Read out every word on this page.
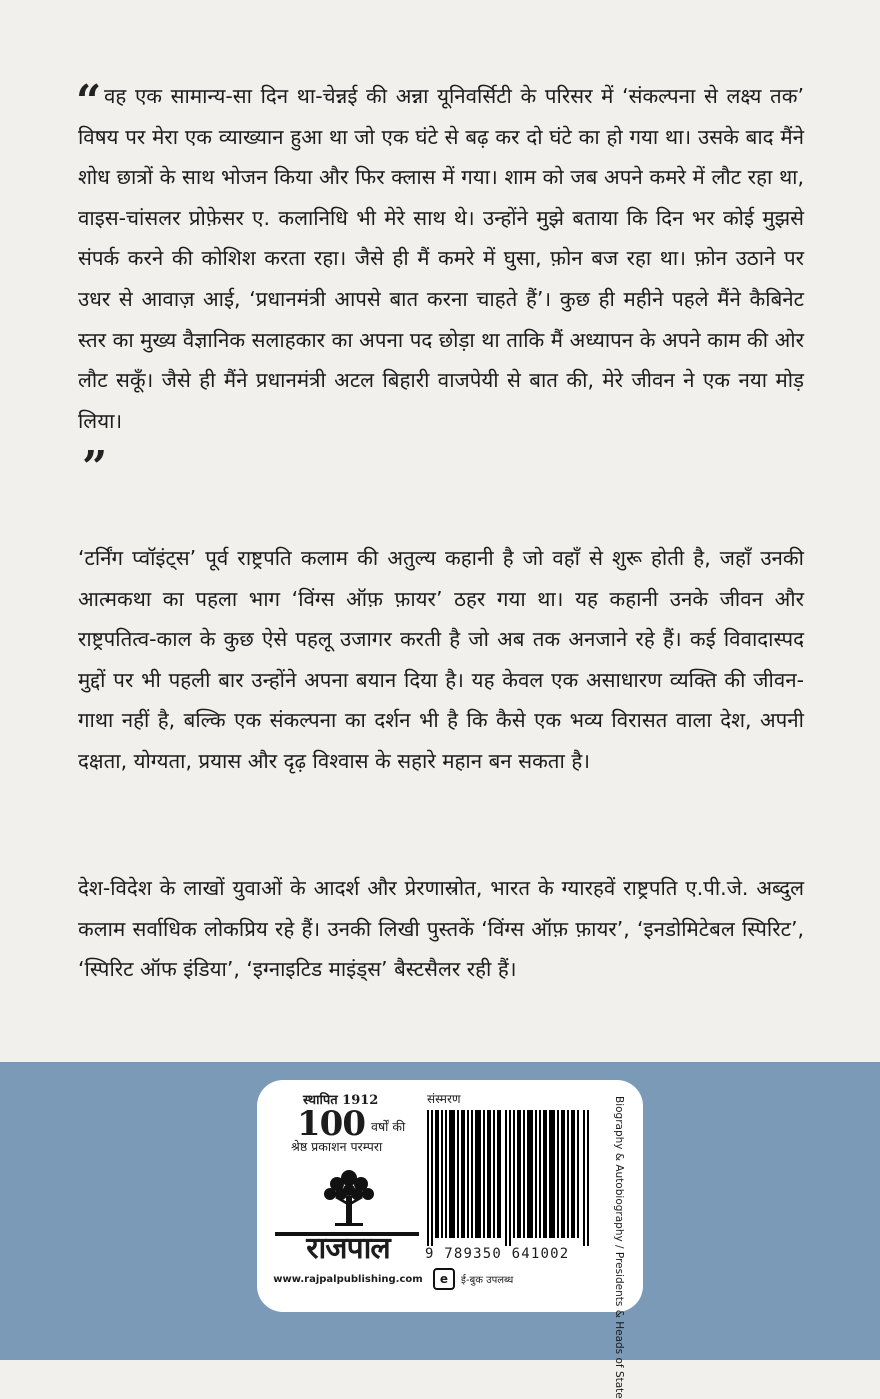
“ वह एक सामान्य-सा दिन था-चेन्नई की अन्ना यूनिवर्सिटी के परिसर में ‘संकल्पना से लक्ष्य तक’ विषय पर मेरा एक व्याख्यान हुआ था जो एक घंटे से बढ़ कर दो घंटे का हो गया था। उसके बाद मैंने शोध छात्रों के साथ भोजन किया और फिर क्लास में गया। शाम को जब अपने कमरे में लौट रहा था, वाइस-चांसलर प्रोफ़ेसर ए. कलानिधि भी मेरे साथ थे। उन्होंने मुझे बताया कि दिन भर कोई मुझसे संपर्क करने की कोशिश करता रहा। जैसे ही मैं कमरे में घुसा, फ़ोन बज रहा था। फ़ोन उठाने पर उधर से आवाज़ आई, ‘प्रधानमंत्री आपसे बात करना चाहते हैं’। कुछ ही महीने पहले मैंने कैबिनेट स्तर का मुख्य वैज्ञानिक सलाहकार का अपना पद छोड़ा था ताकि मैं अध्यापन के अपने काम की ओर लौट सकूँ। जैसे ही मैंने प्रधानमंत्री अटल बिहारी वाजपेयी से बात की, मेरे जीवन ने एक नया मोड़ लिया।
”
‘टर्निंग प्वॉइंट्स’ पूर्व राष्ट्रपति कलाम की अतुल्य कहानी है जो वहाँ से शुरू होती है, जहाँ उनकी आत्मकथा का पहला भाग ‘विंग्स ऑफ़ फ़ायर’ ठहर गया था। यह कहानी उनके जीवन और राष्ट्रपतित्व-काल के कुछ ऐसे पहलू उजागर करती है जो अब तक अनजाने रहे हैं। कई विवादास्पद मुद्दों पर भी पहली बार उन्होंने अपना बयान दिया है। यह केवल एक असाधारण व्यक्ति की जीवन-गाथा नहीं है, बल्कि एक संकल्पना का दर्शन भी है कि कैसे एक भव्य विरासत वाला देश, अपनी दक्षता, योग्यता, प्रयास और दृढ़ विश्वास के सहारे महान बन सकता है।
देश-विदेश के लाखों युवाओं के आदर्श और प्रेरणास्रोत, भारत के ग्यारहवें राष्ट्रपति ए.पी.जे. अब्दुल कलाम सर्वाधिक लोकप्रिय रहे हैं। उनकी लिखी पुस्तकें ‘विंग्स ऑफ़ फ़ायर’, ‘इनडोमिटेबल स्पिरिट’, ‘स्पिरिट ऑफ इंडिया’, ‘इग्नाइटिड माइंड्स’ बैस्टसैलर रही हैं।
स्थापित 1912
100 वर्षों की
श्रेष्ठ प्रकाशन परम्परा
राजपाल
www.rajpalpublishing.com
संस्मरण
9 789350 641002
e	ई-बुक उपलब्ध	Biography & Autobiography / Presidents & Heads of State
